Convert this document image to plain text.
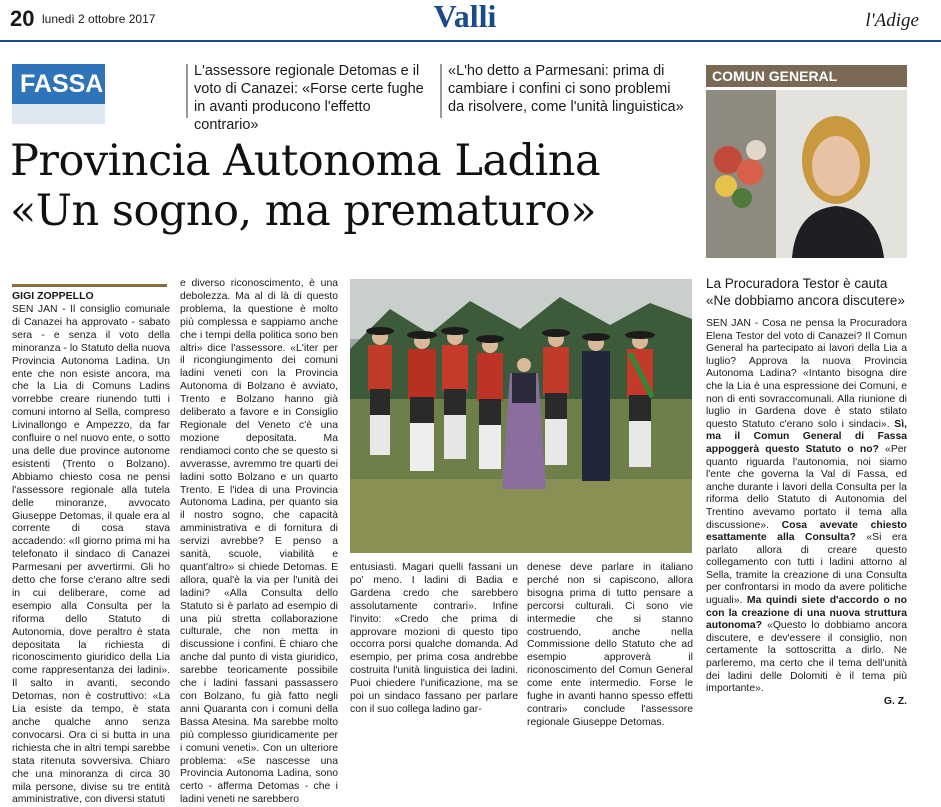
20 lunedì 2 ottobre 2017	Valli	l'Adige
FASSA	L'assessore regionale Detomas e il voto di Canazei: «Forse certe fughe in avanti producono l'effetto contrario»
«L'ho detto a Parmesani: prima di cambiare i confini ci sono problemi da risolvere, come l'unità linguistica»
Provincia Autonoma Ladina
«Un sogno, ma prematuro»
GIGI ZOPPELLO
SEN JAN - Il consiglio comunale di Canazei ha approvato - sabato sera - e senza il voto della minoranza - lo Statuto della nuova Provincia Autonoma Ladina. Un ente che non esiste ancora, ma che la Lia di Comuns Ladins vorrebbe creare riunendo tutti i comuni intorno al Sella, compreso Livinallongo e Ampezzo, da far confluire o nel nuovo ente, o sotto una delle due province autonome esistenti (Trento o Bolzano). Abbiamo chiesto cosa ne pensi l'assessore regionale alla tutela delle minoranze, avvocato Giuseppe Detomas, il quale era al corrente di cosa stava accadendo: «Il giorno prima mi ha telefonato il sindaco di Canazei Parmesani per avvertirmi. Gli ho detto che forse c'erano altre sedi in cui deliberare, come ad esempio alla Consulta per la riforma dello Statuto di Autonomia, dove peraltro è stata depositata la richiesta di riconoscimento giuridico della Lia come rappresentanza dei ladini». Il salto in avanti, secondo Detomas, non è costruttivo: «La Lia esiste da tempo, è stata anche qualche anno senza convocarsi. Ora ci si butta in una richiesta che in altri tempi sarebbe stata ritenuta sovversiva. Chiaro che una minoranza di circa 30 mila persone, divise su tre entità amministrative, con diversi statuti
e diverso riconoscimento, è una debolezza. Ma al di là di questo problema, la questione è molto più complessa e sappiamo anche che i tempi della politica sono ben altri» dice l'assessore. «L'iter per il ricongiungimento dei comuni ladini veneti con la Provincia Autonoma di Bolzano è avviato, Trento e Bolzano hanno già deliberato a favore e in Consiglio Regionale del Veneto c'è una mozione depositata. Ma rendiamoci conto che se questo si avverasse, avremmo tre quarti dei ladini sotto Bolzano e un quarto Trento. E l'idea di una Provincia Autonoma Ladina, per quanto sia il nostro sogno, che capacità amministrativa e di fornitura di servizi avrebbe? E penso a sanità, scuole, viabilità e quant'altro» si chiede Detomas. E allora, qual'è la via per l'unità dei ladini? «Alla Consulta dello Statuto si è parlato ad esempio di una più stretta collaborazione culturale, che non metta in discussione i confini. È chiaro che anche dal punto di vista giuridico, sarebbe teoricamente possibile che i ladini fassani passassero con Bolzano, fu già fatto negli anni Quaranta con i comuni della Bassa Atesina. Ma sarebbe molto più complesso giuridicamente per i comuni veneti». Con un ulteriore problema: «Se nascesse una Provincia Autonoma Ladina, sono certo - afferma Detomas - che i ladini veneti ne sarebbero
entusiasti. Magari quelli fassani un po' meno. I ladini di Badia e Gardena credo che sarebbero assolutamente contrari». Infine l'invito: «Credo che prima di approvare mozioni di questo tipo occorra porsi qualche domanda. Ad esempio, per prima cosa andrebbe costruita l'unità linguistica dei ladini. Puoi chiedere l'unificazione, ma se poi un sindaco fassano per parlare con il suo collega ladino gar-
denese deve parlare in italiano perché non si capiscono, allora bisogna prima di tutto pensare a percorsi culturali. Ci sono vie intermedie che si stanno costruendo, anche nella Commissione dello Statuto che ad esempio approverà il riconoscimento del Comun General come ente intermedio. Forse le fughe in avanti hanno spesso effetti contrari» conclude l'assessore regionale Giuseppe Detomas.
COMUN GENERAL
La Procuradora Testor è cauta
«Ne dobbiamo ancora discutere»
SEN JAN - Cosa ne pensa la Procuradora Elena Testor del voto di Canazei? Il Comun General ha partecipato ai lavori della Lia a luglio? Approva la nuova Provincia Autonoma Ladina? «Intanto bisogna dire che la Lia è una espressione dei Comuni, e non di enti sovraccomunali. Alla riunione di luglio in Gardena dove è stato stilato questo Statuto c'erano solo i sindaci». Sì, ma il Comun General di Fassa appoggerà questo Statuto o no? «Per quanto riguarda l'autonomia, noi siamo l'ente che governa la Val di Fassa, ed anche durante i lavori della Consulta per la riforma dello Statuto di Autonomia del Trentino avevamo portato il tema alla discussione». Cosa avevate chiesto esattamente alla Consulta? «Si era parlato allora di creare questo collegamento con tutti i ladini attorno al Sella, tramite la creazione di una Consulta per confrontarsi in modo da avere politiche uguali». Ma quindi siete d'accordo o no con la creazione di una nuova struttura autonoma? «Questo lo dobbiamo ancora discutere, e dev'essere il consiglio, non certamente la sottoscritta a dirlo. Ne parleremo, ma certo che il tema dell'unità dei ladini delle Dolomiti è il tema più importante».
G. Z.
